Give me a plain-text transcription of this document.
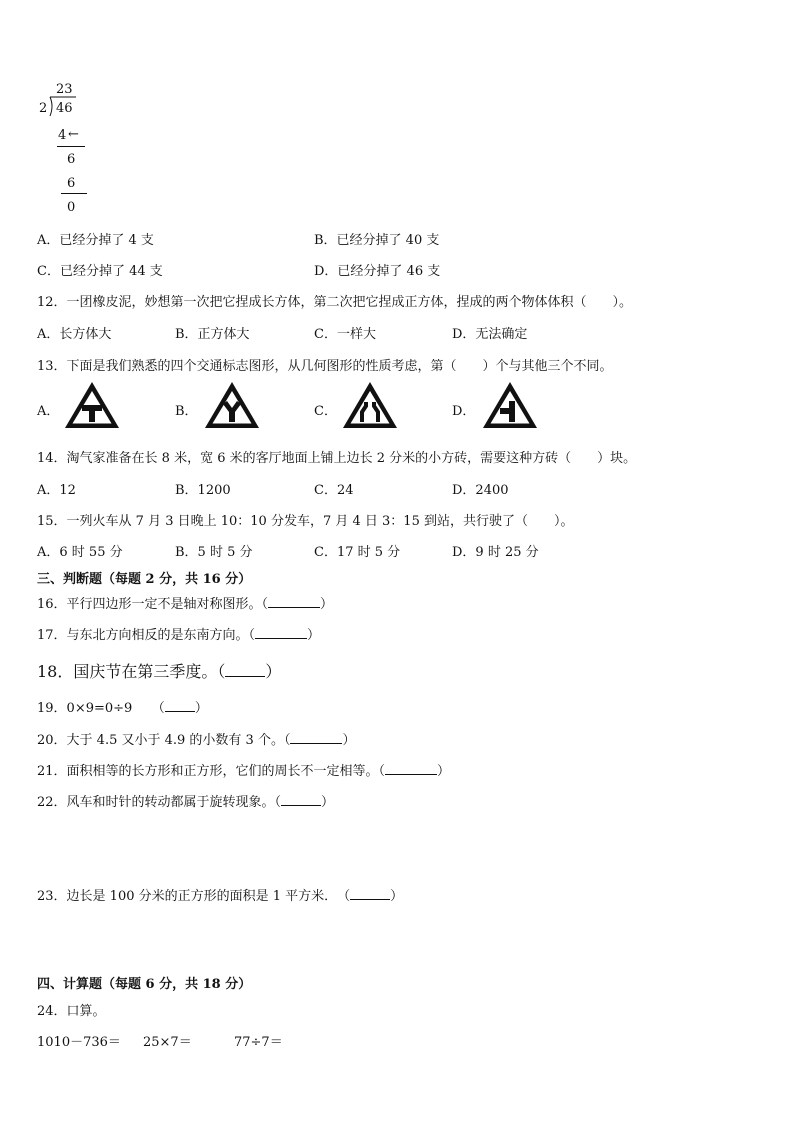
23
2 46
4 ←
6
6
0
A．已经分掉了 4 支	B．已经分掉了 40 支
C．已经分掉了 44 支	D．已经分掉了 46 支
12．一团橡皮泥，妙想第一次把它捏成长方体，第二次把它捏成正方体，捏成的两个物体体积（　　）。
A．长方体大	B．正方体大	C．一样大	D．无法确定
13．下面是我们熟悉的四个交通标志图形，从几何图形的性质考虑，第（　　）个与其他三个不同。
A．	B．	C．	D．
14．淘气家准备在长 8 米，宽 6 米的客厅地面上铺上边长 2 分米的小方砖，需要这种方砖（　　）块。
A．12	B．1200	C．24	D．2400
15．一列火车从 7 月 3 日晚上 10：10 分发车，7 月 4 日 3：15 到站，共行驶了（　　）。
A．6 时 55 分	B．5 时 5 分	C．17 时 5 分	D．9 时 25 分
三、判断题（每题 2 分，共 16 分）
16．平行四边形一定不是轴对称图形。（	）
17．与东北方向相反的是东南方向。（	）
18．国庆节在第三季度。（	）
19．0×9=0÷9　　（ ）
20．大于 4.5 又小于 4.9 的小数有 3 个。（	）
21．面积相等的长方形和正方形，它们的周长不一定相等。（	）
22．风车和时针的转动都属于旋转现象。（	）
23．边长是 100 分米的正方形的面积是 1 平方米．　（	）
四、计算题（每题 6 分，共 18 分）
24．口算。
1010－736＝ 25×7＝	77÷7＝
